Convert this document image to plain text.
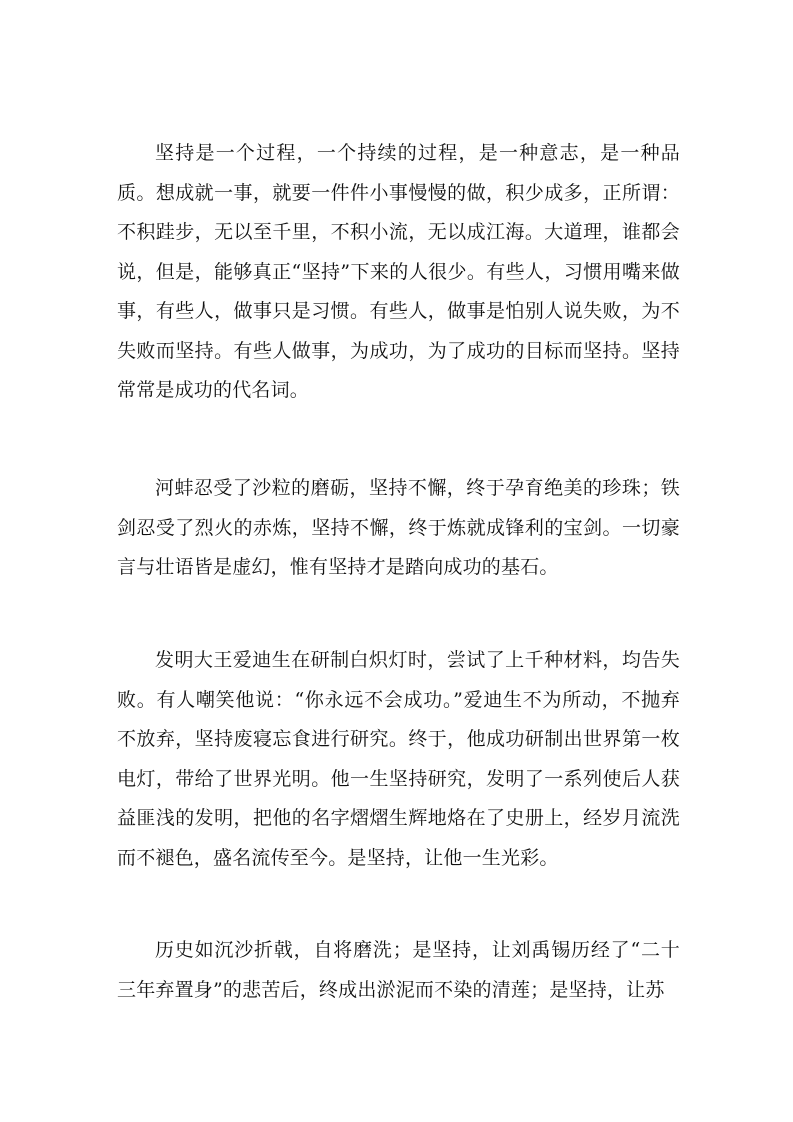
坚持是一个过程，一个持续的过程，是一种意志，是一种品质。想成就一事，就要一件件小事慢慢的做，积少成多，正所谓：不积跬步，无以至千里，不积小流，无以成江海。大道理，谁都会说，但是，能够真正“坚持”下来的人很少。有些人，习惯用嘴来做事，有些人，做事只是习惯。有些人，做事是怕别人说失败，为不失败而坚持。有些人做事，为成功，为了成功的目标而坚持。坚持常常是成功的代名词。

河蚌忍受了沙粒的磨砺，坚持不懈，终于孕育绝美的珍珠；铁剑忍受了烈火的赤炼，坚持不懈，终于炼就成锋利的宝剑。一切豪言与壮语皆是虚幻，惟有坚持才是踏向成功的基石。

发明大王爱迪生在研制白炽灯时，尝试了上千种材料，均告失败。有人嘲笑他说：“你永远不会成功。”爱迪生不为所动，不抛弃不放弃，坚持废寝忘食进行研究。终于，他成功研制出世界第一枚电灯，带给了世界光明。他一生坚持研究，发明了一系列使后人获益匪浅的发明，把他的名字熠熠生辉地烙在了史册上，经岁月流洗而不褪色，盛名流传至今。是坚持，让他一生光彩。

历史如沉沙折戟，自将磨洗；是坚持，让刘禹锡历经了“二十三年弃置身”的悲苦后，终成出淤泥而不染的清莲；是坚持，让苏
